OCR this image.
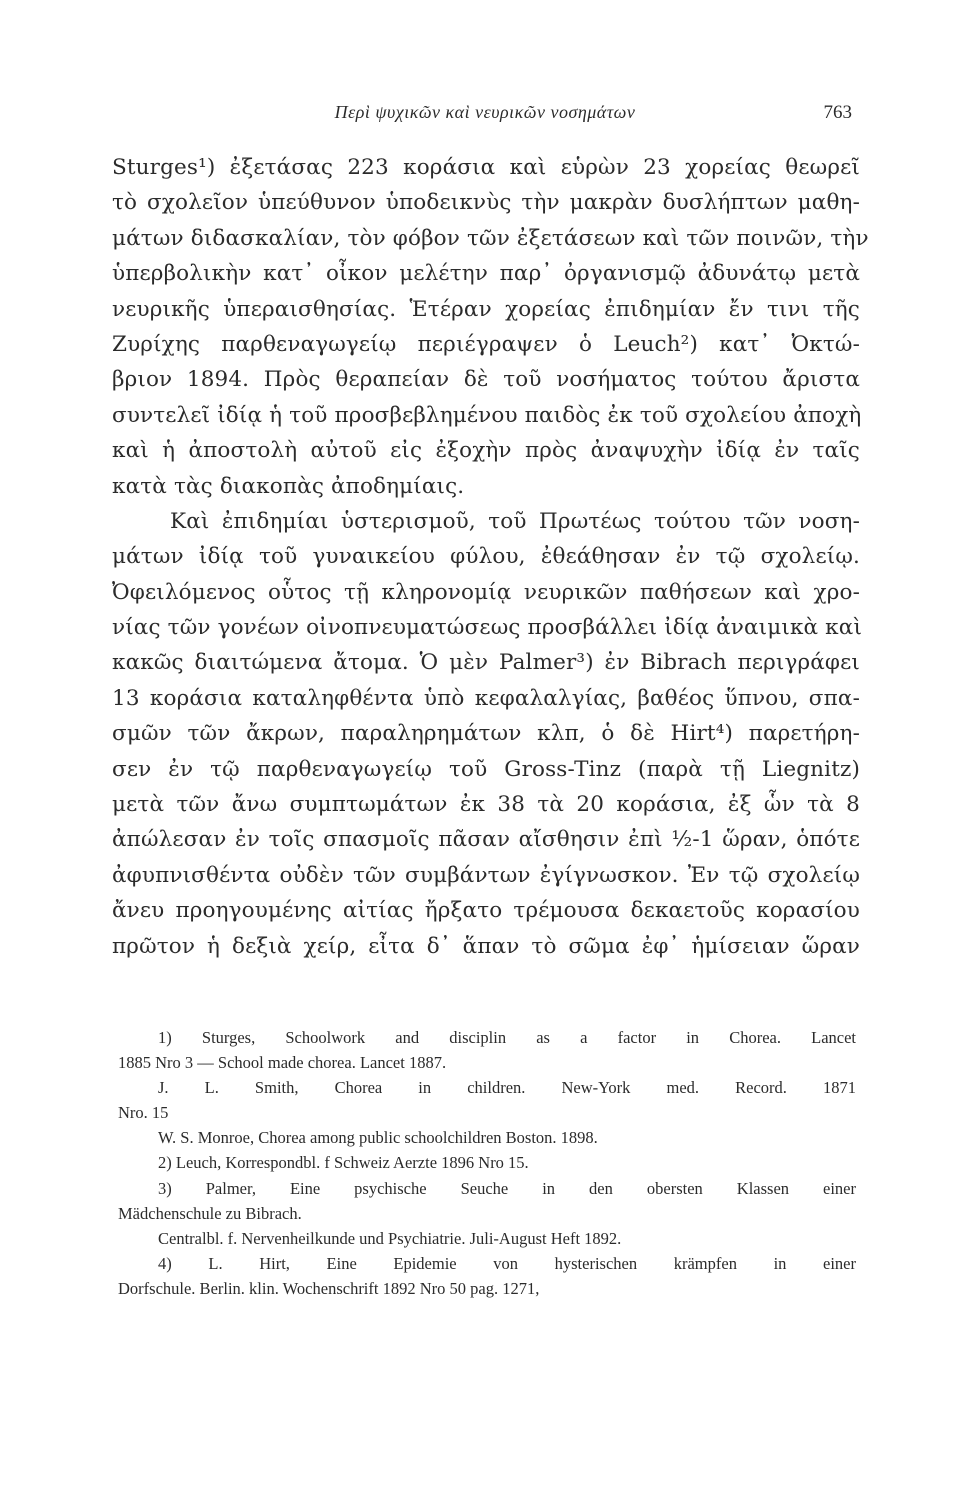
Περὶ ψυχικῶν καὶ νευρικῶν νοσημάτων	763
Sturges¹) ἐξετάσας 223 κοράσια καὶ εὑρὼν 23 χορείας θεωρεῖ
τὸ σχολεῖον ὑπεύθυνον ὑποδεικνὺς τὴν μακρὰν δυσλήπτων μαθη-
μάτων διδασκαλίαν, τὸν φόβον τῶν ἐξετάσεων καὶ τῶν ποινῶν, τὴν
ὑπερβολικὴν κατ᾽ οἶκον μελέτην παρ᾽ ὀργανισμῷ ἀδυνάτῳ μετὰ
νευρικῆς ὑπεραισθησίας. Ἑτέραν χορείας ἐπιδημίαν ἔν τινι τῆς
Ζυρίχης παρθεναγωγείῳ περιέγραψεν ὁ Leuch²) κατ᾽ Ὀκτώ-
βριον 1894. Πρὸς θεραπείαν δὲ τοῦ νοσήματος τούτου ἄριστα
συντελεῖ ἰδίᾳ ἡ τοῦ προσβεβλημένου παιδὸς ἐκ τοῦ σχολείου ἀποχὴ
καὶ ἡ ἀποστολὴ αὐτοῦ εἰς ἐξοχὴν πρὸς ἀναψυχὴν ἰδίᾳ ἐν ταῖς
κατὰ τὰς διακοπὰς ἀποδημίαις.
Καὶ ἐπιδημίαι ὑστερισμοῦ, τοῦ Πρωτέως τούτου τῶν νοση-
μάτων ἰδίᾳ τοῦ γυναικείου φύλου, ἐθεάθησαν ἐν τῷ σχολείῳ.
Ὀφειλόμενος οὗτος τῇ κληρονομίᾳ νευρικῶν παθήσεων καὶ χρο-
νίας τῶν γονέων οἰνοπνευματώσεως προσβάλλει ἰδίᾳ ἀναιμικὰ καὶ
κακῶς διαιτώμενα ἄτομα. Ὁ μὲν Palmer³) ἐν Bibrach περιγράφει
13 κοράσια καταληφθέντα ὑπὸ κεφαλαλγίας, βαθέος ὕπνου, σπα-
σμῶν τῶν ἄκρων, παραληρημάτων κλπ, ὁ δὲ Hirt⁴) παρετήρη-
σεν ἐν τῷ παρθεναγωγείῳ τοῦ Gross-Tinz (παρὰ τῇ Liegnitz)
μετὰ τῶν ἄνω συμπτωμάτων ἐκ 38 τὰ 20 κοράσια, ἐξ ὧν τὰ 8
ἀπώλεσαν ἐν τοῖς σπασμοῖς πᾶσαν αἴσθησιν ἐπὶ ½-1 ὥραν, ὁπότε
ἀφυπνισθέντα οὐδὲν τῶν συμβάντων ἐγίγνωσκον. Ἐν τῷ σχολείῳ
ἄνευ προηγουμένης αἰτίας ἤρξατο τρέμουσα δεκαετοῦς κορασίου
πρῶτον ἡ δεξιὰ χείρ, εἶτα δ᾽ ἅπαν τὸ σῶμα ἐφ᾽ ἡμίσειαν ὥραν
1) Sturges, Schoolwork and disciplin as a factor in Chorea. Lancet
1885 Nro 3 — School made chorea. Lancet 1887.
J. L. Smith, Chorea in children. New-York med. Record. 1871
Nro. 15
W. S. Monroe, Chorea among public schoolchildren Boston. 1898.
2) Leuch, Korrespondbl. f Schweiz Aerzte 1896 Nro 15.
3) Palmer, Eine psychische Seuche in den obersten Klassen einer
Mädchenschule zu Bibrach.
Centralbl. f. Nervenheilkunde und Psychiatrie. Juli-August Heft 1892.
4) L. Hirt, Eine Epidemie von hysterischen krämpfen in einer
Dorfschule. Berlin. klin. Wochenschrift 1892 Nro 50 pag. 1271,
